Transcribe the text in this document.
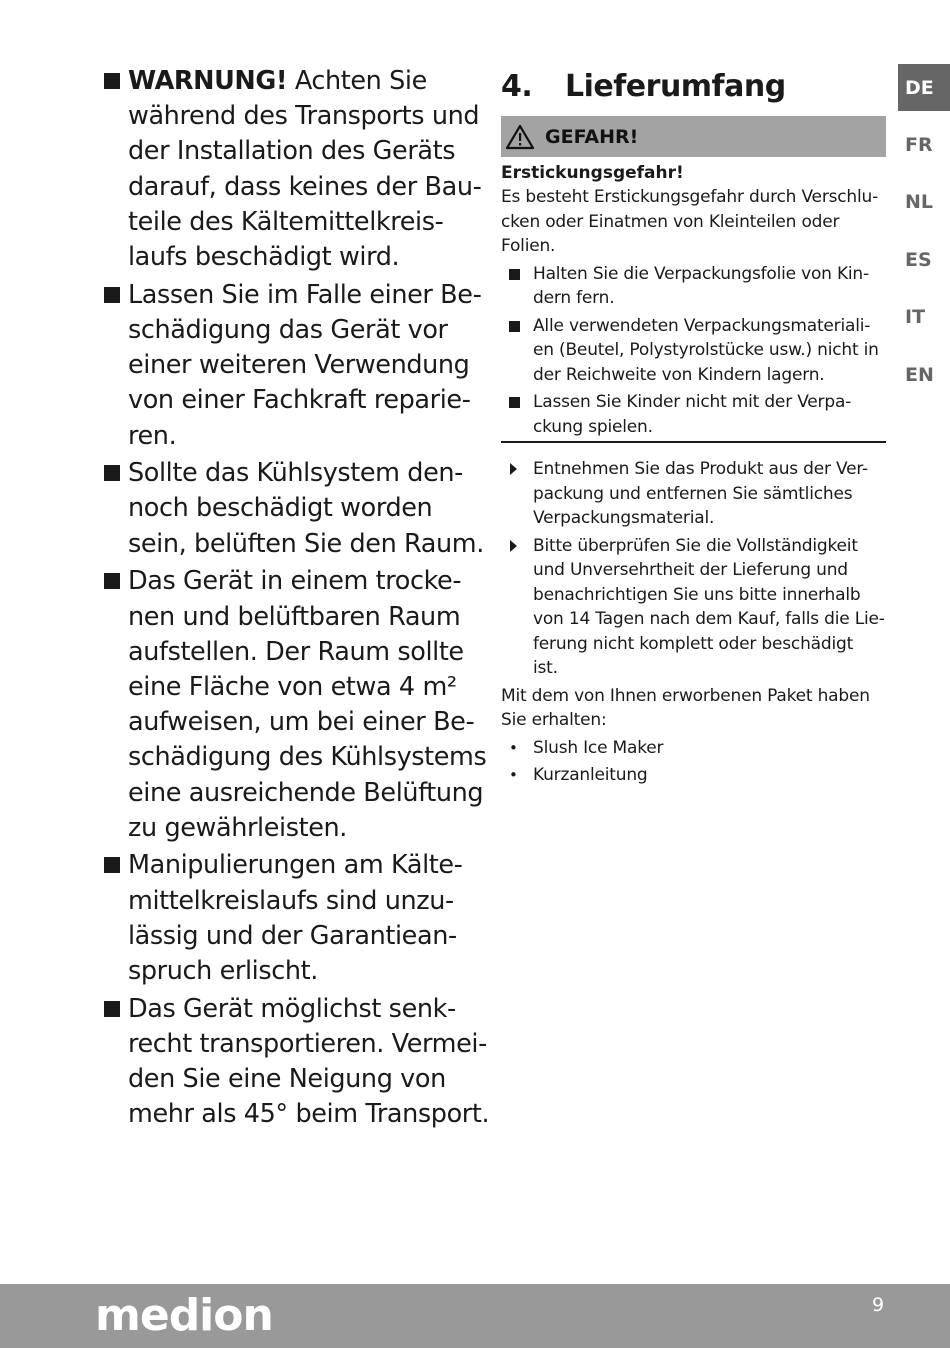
WARNUNG! Achten Sie
während des Transports und
der Installation des Geräts
darauf, dass keines der Bau-
teile des Kältemittelkreis-
laufs beschädigt wird.
Lassen Sie im Falle einer Be-
schädigung das Gerät vor
einer weiteren Verwendung
von einer Fachkraft reparie-
ren.
Sollte das Kühlsystem den-
noch beschädigt worden
sein, belüften Sie den Raum.
Das Gerät in einem trocke-
nen und belüftbaren Raum
aufstellen. Der Raum sollte
eine Fläche von etwa 4 m²
aufweisen, um bei einer Be-
schädigung des Kühlsystems
eine ausreichende Belüftung
zu gewährleisten.
Manipulierungen am Kälte-
mittelkreislaufs sind unzu-
lässig und der Garantiean-
spruch erlischt.
Das Gerät möglichst senk-
recht transportieren. Vermei-
den Sie eine Neigung von
mehr als 45° beim Transport.
4.	Lieferumfang
GEFAHR!
Erstickungsgefahr!
Es besteht Erstickungsgefahr durch Verschlu-
cken oder Einatmen von Kleinteilen oder
Folien.
Halten Sie die Verpackungsfolie von Kin-
dern fern.
Alle verwendeten Verpackungsmateriali-
en (Beutel, Polystyrolstücke usw.) nicht in
der Reichweite von Kindern lagern.
Lassen Sie Kinder nicht mit der Verpa-
ckung spielen.
Entnehmen Sie das Produkt aus der Ver-
packung und entfernen Sie sämtliches
Verpackungsmaterial.
Bitte überprüfen Sie die Vollständigkeit
und Unversehrtheit der Lieferung und
benachrichtigen Sie uns bitte innerhalb
von 14 Tagen nach dem Kauf, falls die Lie-
ferung nicht komplett oder beschädigt
ist.
Mit dem von Ihnen erworbenen Paket haben
Sie erhalten:
• Slush Ice Maker
• Kurzanleitung
DE
FR
NL
ES
IT
EN
medion	9
